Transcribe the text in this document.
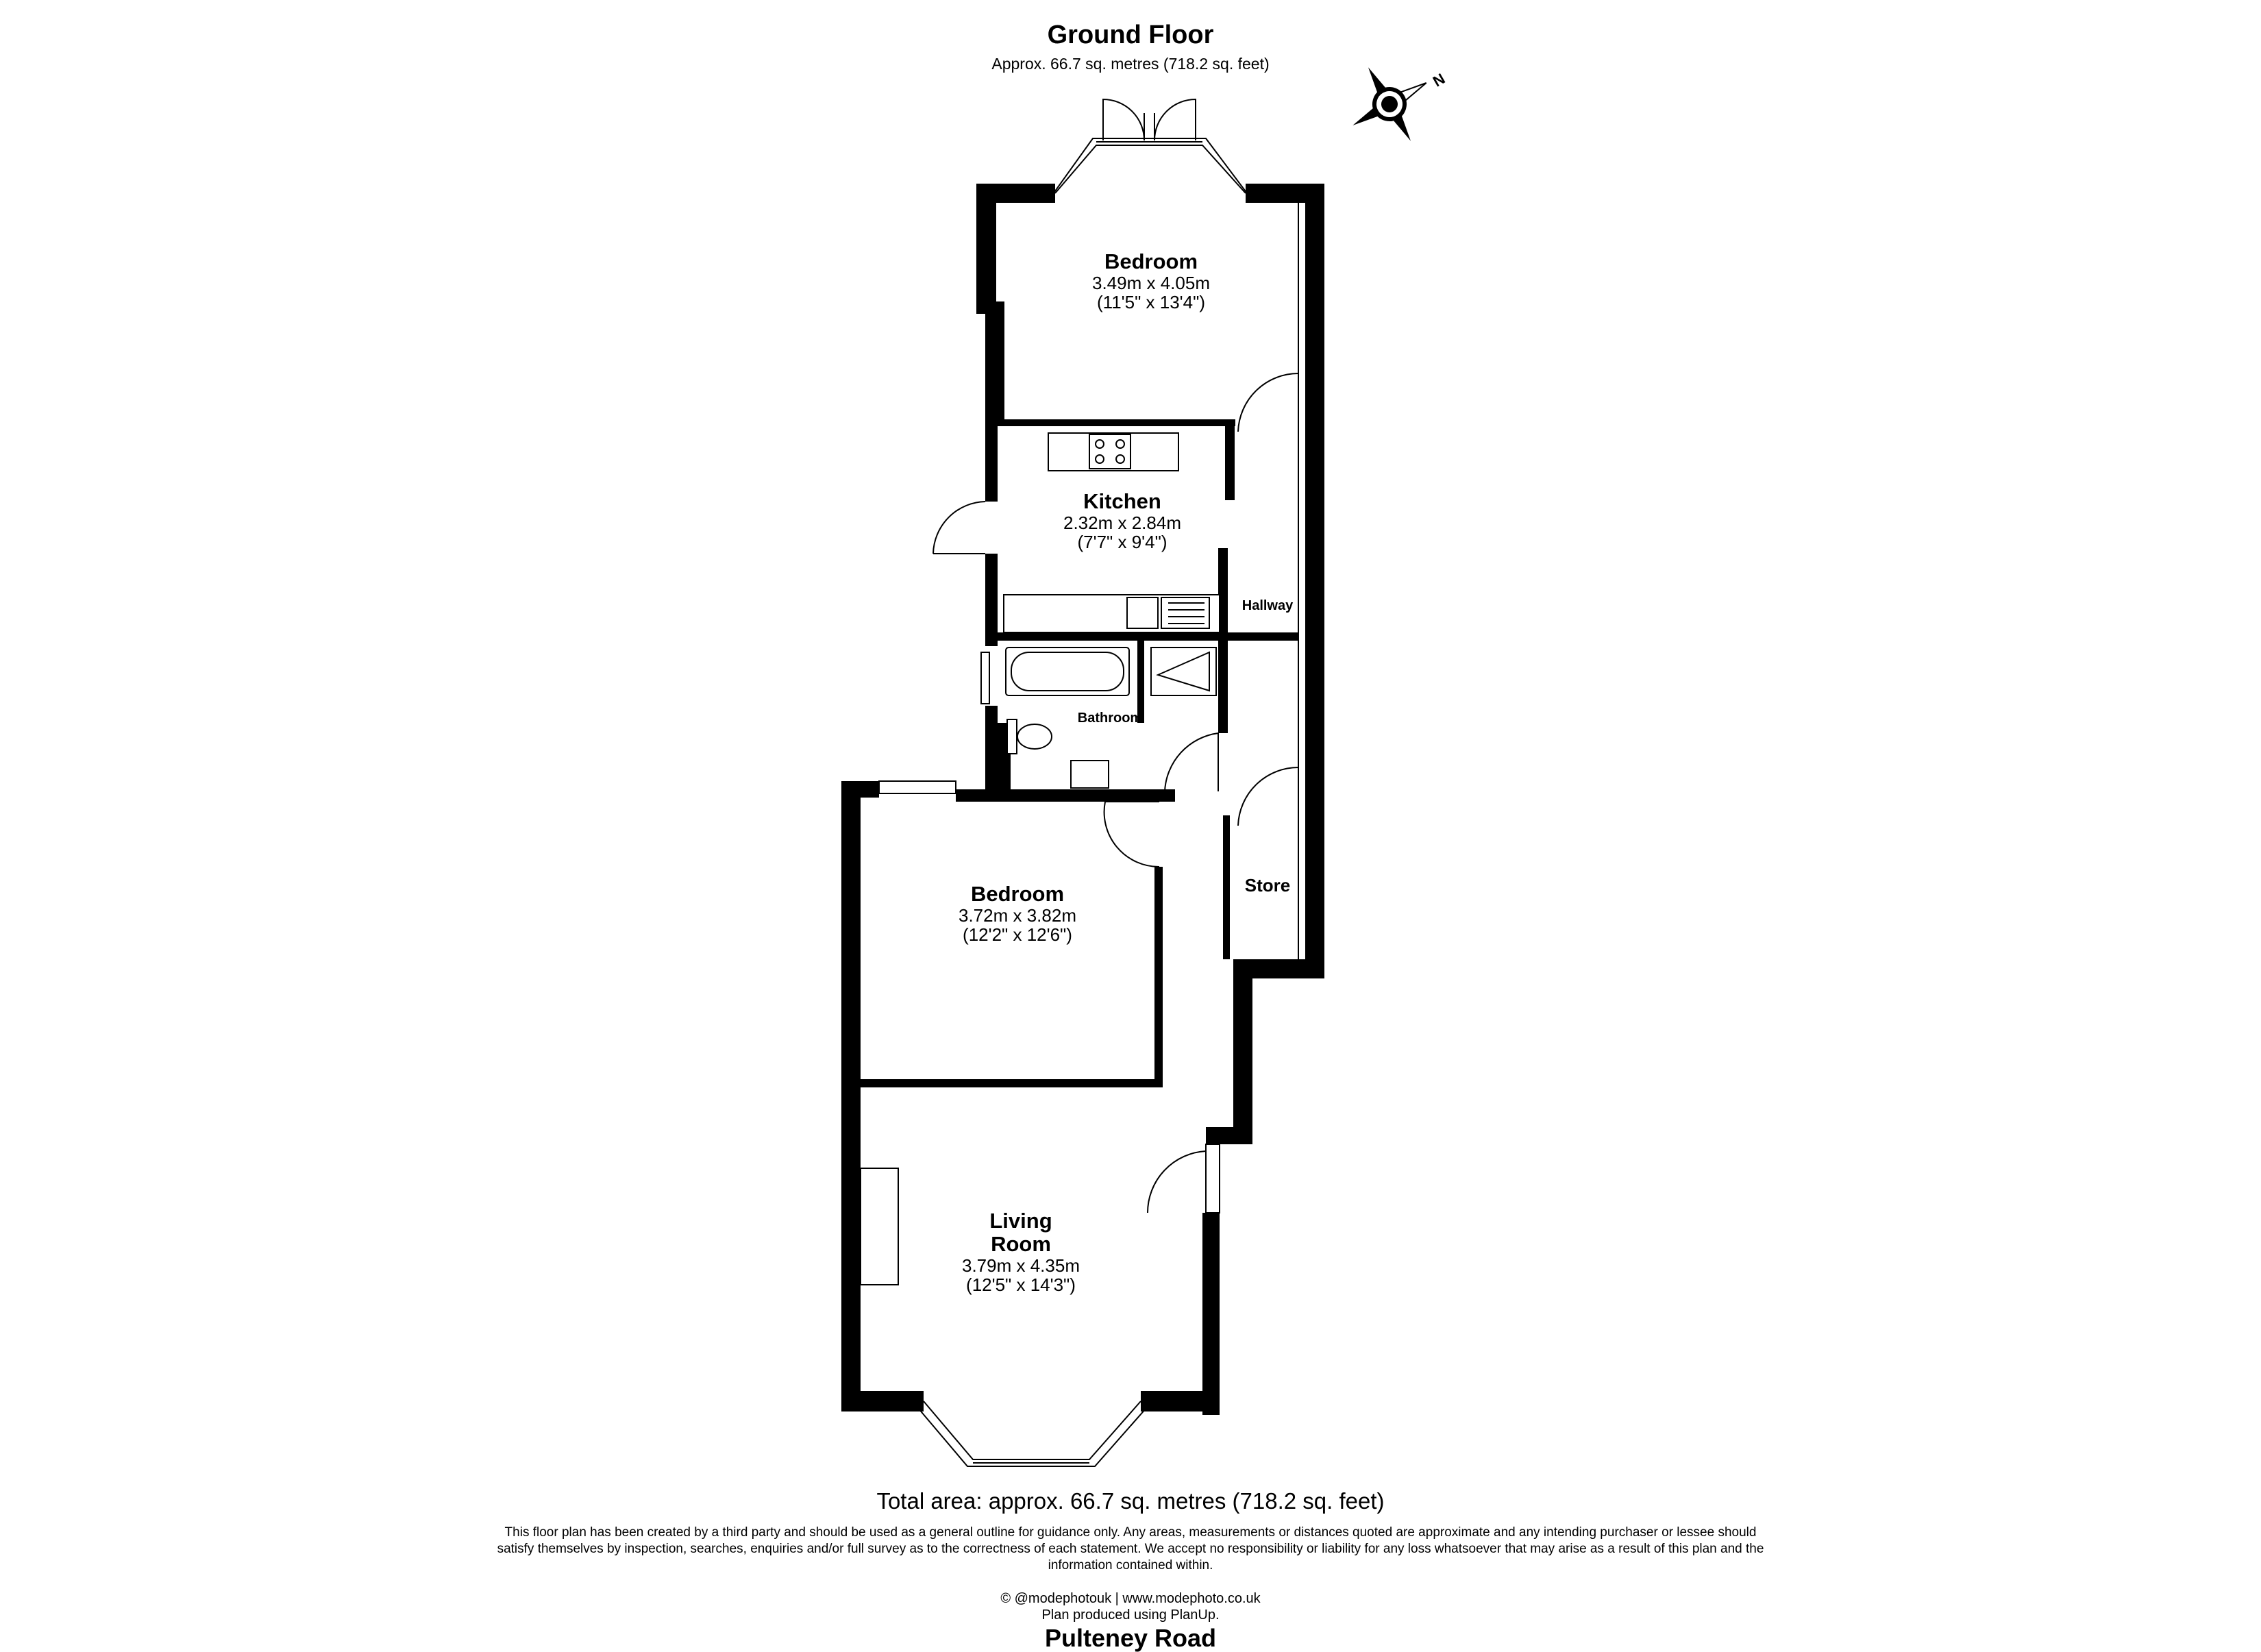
Ground Floor
Approx. 66.7 sq. metres (718.2 sq. feet)
N
Bedroom
3.49m x 4.05m
(11'5" x 13'4")
Kitchen
2.32m x 2.84m
(7'7" x 9'4")
Hallway
Bathroom
Store
Bedroom
3.72m x 3.82m
(12'2" x 12'6")
Living
Room
3.79m x 4.35m
(12'5" x 14'3")
Total area: approx. 66.7 sq. metres (718.2 sq. feet)
This floor plan has been created by a third party and should be used as a general outline for guidance only. Any areas, measurements or distances quoted are approximate and any intending purchaser or lessee should
satisfy themselves by inspection, searches, enquiries and/or full survey as to the correctness of each statement. We accept no responsibility or liability for any loss whatsoever that may arise as a result of this plan and the
information contained within.
© @modephotouk | www.modephoto.co.uk
Plan produced using PlanUp.
Pulteney Road
